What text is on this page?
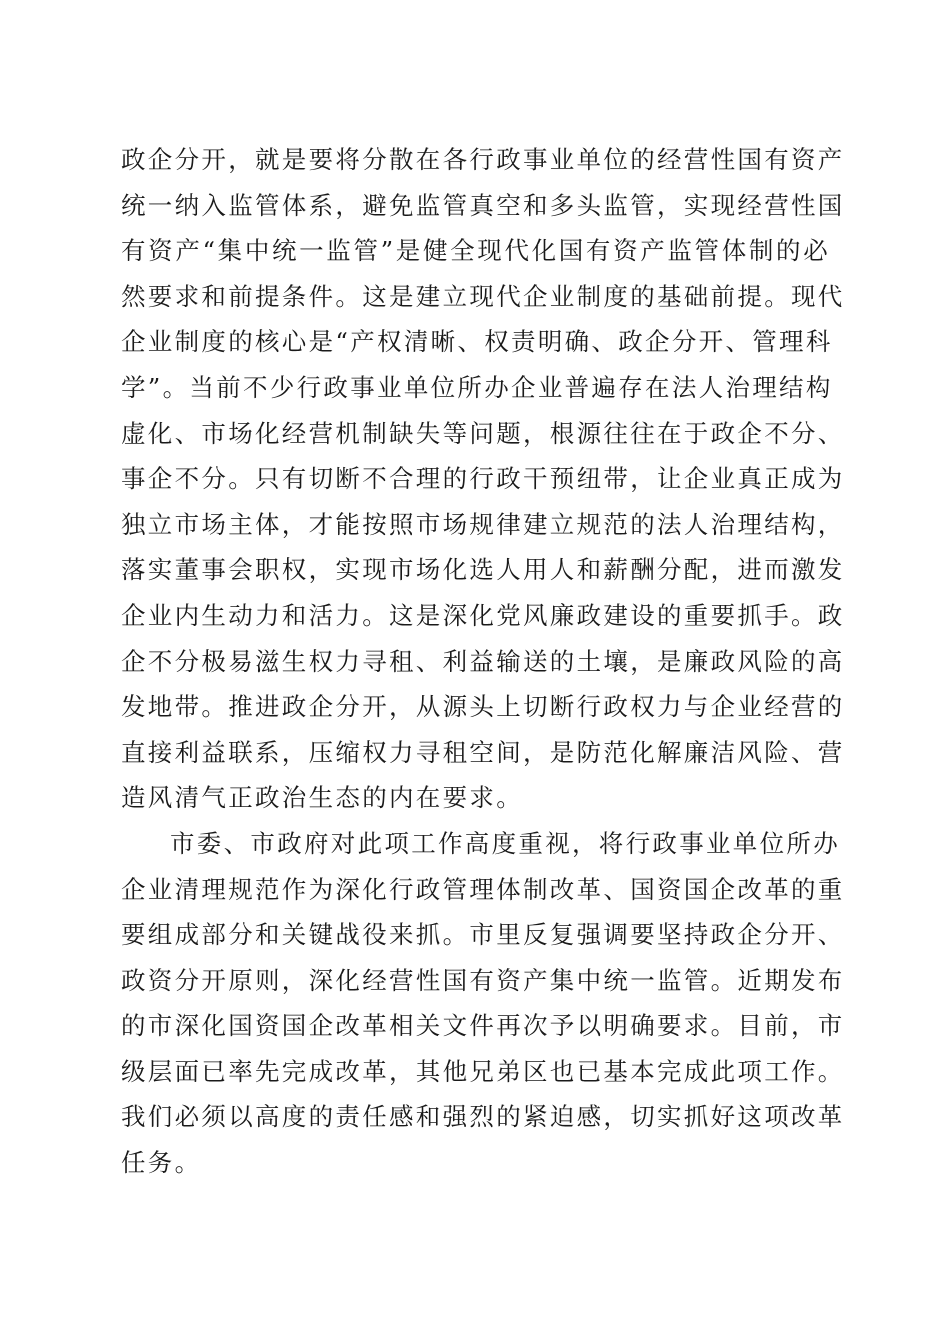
政企分开，就是要将分散在各行政事业单位的经营性国有资产
统一纳入监管体系，避免监管真空和多头监管，实现经营性国
有资产“集中统一监管”是健全现代化国有资产监管体制的必
然要求和前提条件。这是建立现代企业制度的基础前提。现代
企业制度的核心是“产权清晰、权责明确、政企分开、管理科
学”。当前不少行政事业单位所办企业普遍存在法人治理结构
虚化、市场化经营机制缺失等问题，根源往往在于政企不分、
事企不分。只有切断不合理的行政干预纽带，让企业真正成为
独立市场主体，才能按照市场规律建立规范的法人治理结构，
落实董事会职权，实现市场化选人用人和薪酬分配，进而激发
企业内生动力和活力。这是深化党风廉政建设的重要抓手。政
企不分极易滋生权力寻租、利益输送的土壤，是廉政风险的高
发地带。推进政企分开，从源头上切断行政权力与企业经营的
直接利益联系，压缩权力寻租空间，是防范化解廉洁风险、营
造风清气正政治生态的内在要求。
市委、市政府对此项工作高度重视，将行政事业单位所办
企业清理规范作为深化行政管理体制改革、国资国企改革的重
要组成部分和关键战役来抓。市里反复强调要坚持政企分开、
政资分开原则，深化经营性国有资产集中统一监管。近期发布
的市深化国资国企改革相关文件再次予以明确要求。目前，市
级层面已率先完成改革，其他兄弟区也已基本完成此项工作。
我们必须以高度的责任感和强烈的紧迫感，切实抓好这项改革
任务。
